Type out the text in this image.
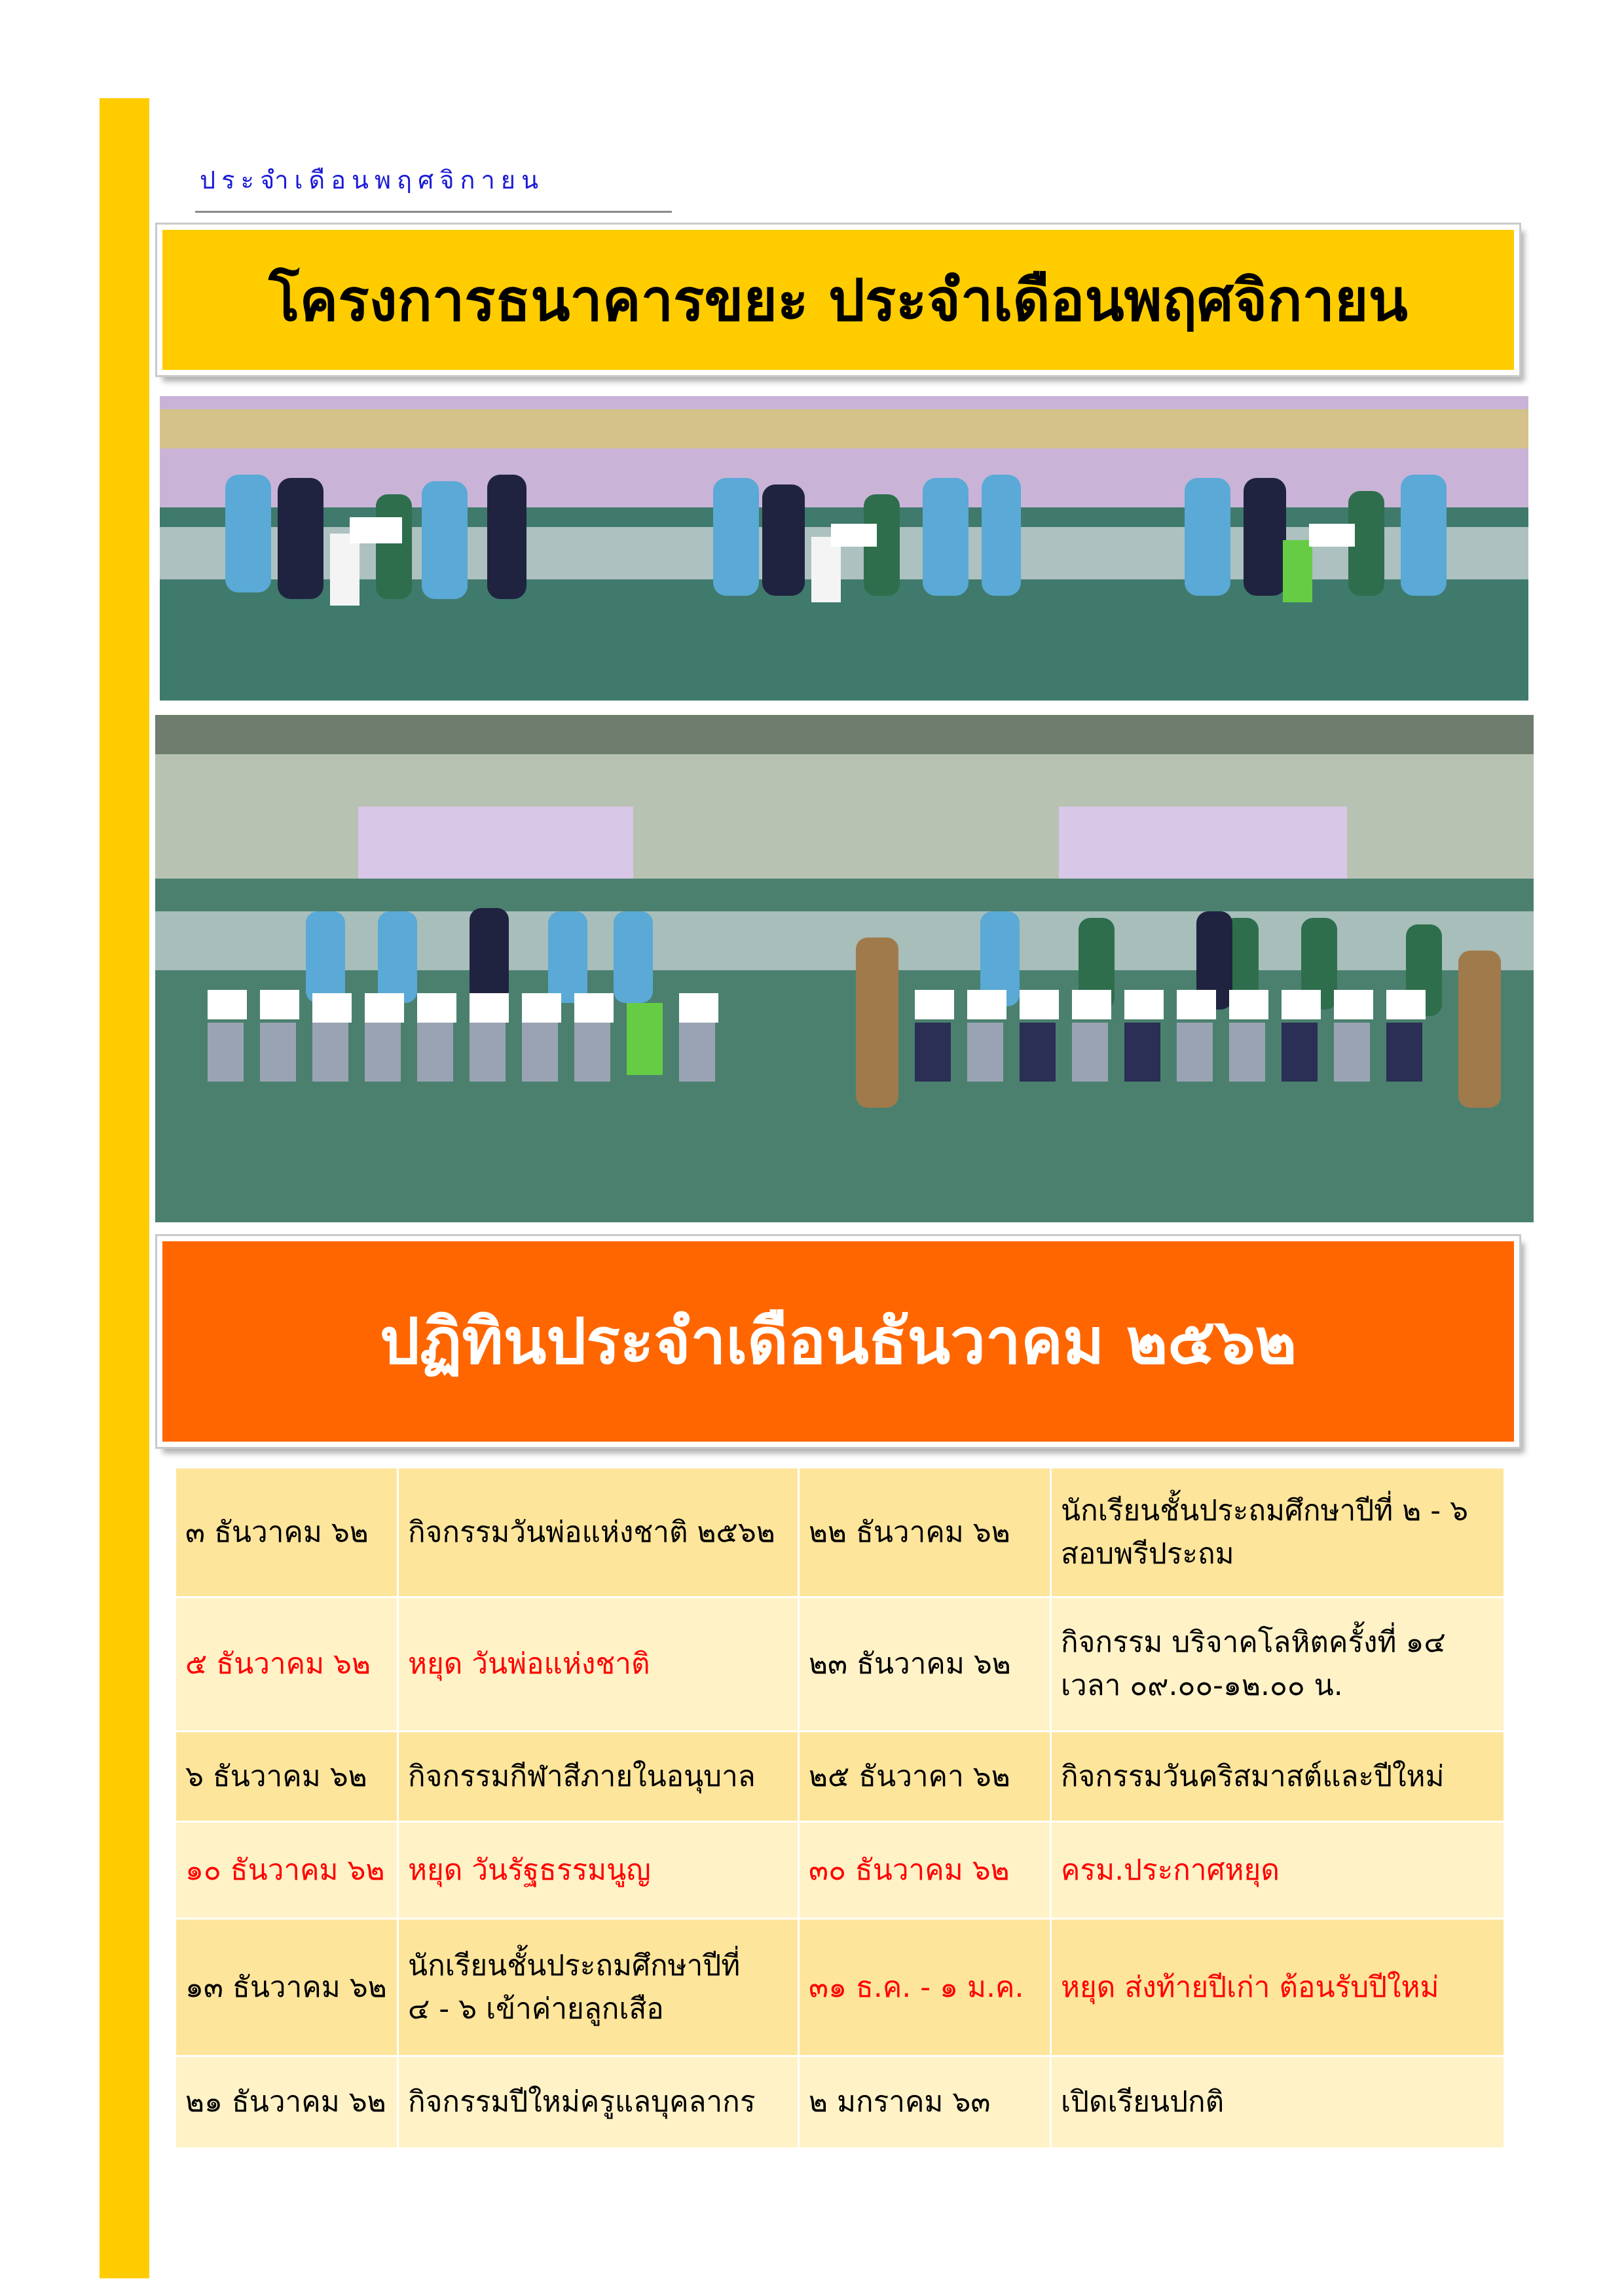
ประจำเดือนพฤศจิกายน
โครงการธนาคารขยะ ประจำเดือนพฤศจิกายน
ปฏิทินประจำเดือนธันวาคม ๒๕๖๒
๓ ธันวาคม ๖๒	กิจกรรมวันพ่อแห่งชาติ ๒๕๖๒	๒๒ ธันวาคม ๖๒	นักเรียนชั้นประถมศึกษาปีที่ ๒ - ๖
สอบพรีประถม
๕ ธันวาคม ๖๒	หยุด วันพ่อแห่งชาติ	๒๓ ธันวาคม ๖๒	กิจกรรม บริจาคโลหิตครั้งที่ ๑๔
เวลา ๐๙.๐๐-๑๒.๐๐ น.
๖ ธันวาคม ๖๒	กิจกรรมกีฬาสีภายในอนุบาล	๒๕ ธันวาคา ๖๒	กิจกรรมวันคริสมาสต์และปีใหม่
๑๐ ธันวาคม ๖๒	หยุด วันรัฐธรรมนูญ	๓๐ ธันวาคม ๖๒	ครม.ประกาศหยุด
๑๓ ธันวาคม ๖๒	นักเรียนชั้นประถมศึกษาปีที่
๔ - ๖ เข้าค่ายลูกเสือ	๓๑ ธ.ค. - ๑ ม.ค.	หยุด ส่งท้ายปีเก่า ต้อนรับปีใหม่
๒๑ ธันวาคม ๖๒	กิจกรรมปีใหม่ครูแลบุคลากร	๒ มกราคม ๖๓	เปิดเรียนปกติ
